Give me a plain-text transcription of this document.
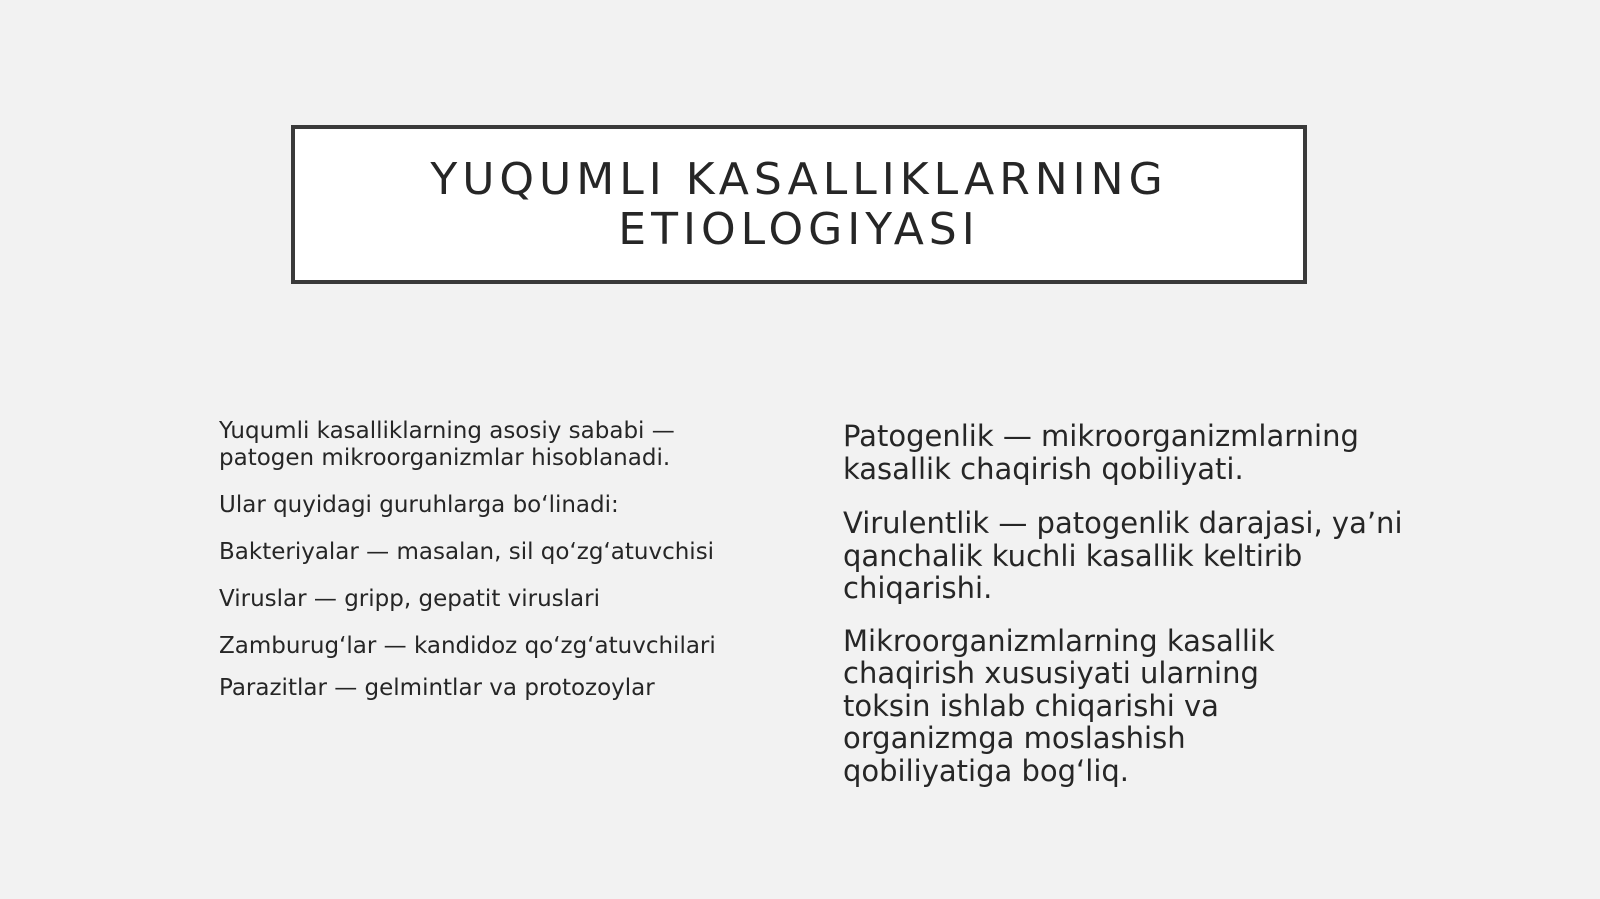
YUQUMLI KASALLIKLARNING
ETIOLOGIYASI

Yuqumli kasalliklarning asosiy sababi — patogen mikroorganizmlar hisoblanadi.

Ular quyidagi guruhlarga bo‘linadi:

Bakteriyalar — masalan, sil qo‘zg‘atuvchisi

Viruslar — gripp, gepatit viruslari

Zamburug‘lar — kandidoz qo‘zg‘atuvchilari

Parazitlar — gelmintlar va protozoylar

Patogenlik — mikroorganizmlarning kasallik chaqirish qobiliyati.

Virulentlik — patogenlik darajasi, ya’ni qanchalik kuchli kasallik keltirib chiqarishi.

Mikroorganizmlarning kasallik chaqirish xususiyati ularning toksin ishlab chiqarishi va organizmga moslashish qobiliyatiga bog‘liq.
